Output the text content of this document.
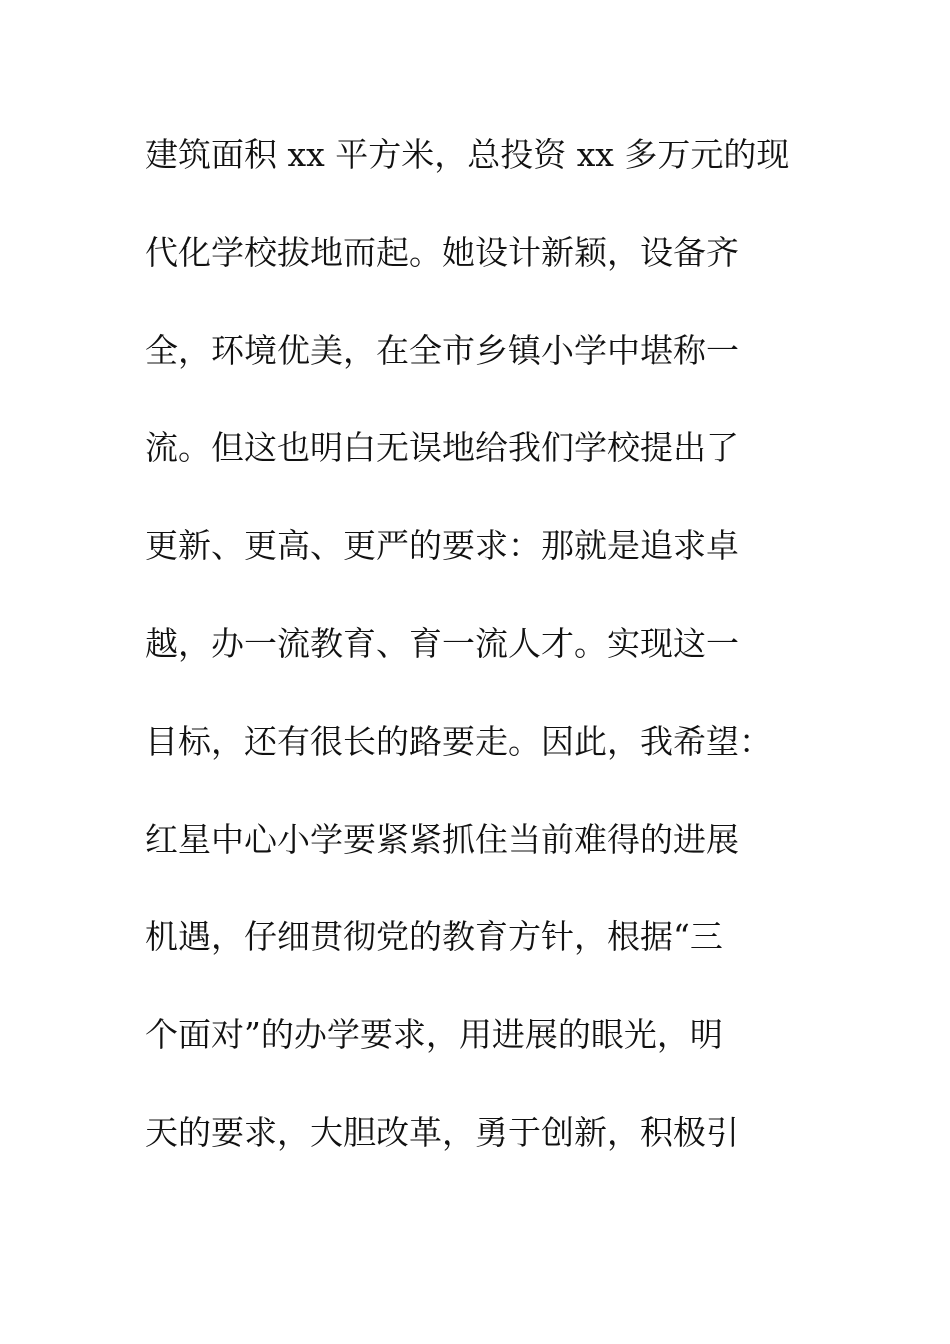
建筑面积 xx 平方米，总投资 xx 多万元的现
代化学校拔地而起。她设计新颖，设备齐
全，环境优美，在全市乡镇小学中堪称一
流。但这也明白无误地给我们学校提出了
更新、更高、更严的要求：那就是追求卓
越，办一流教育、育一流人才。实现这一
目标，还有很长的路要走。因此，我希望：
红星中心小学要紧紧抓住当前难得的进展
机遇，仔细贯彻党的教育方针，根据“三
个面对”的办学要求，用进展的眼光，明
天的要求，大胆改革，勇于创新，积极引
